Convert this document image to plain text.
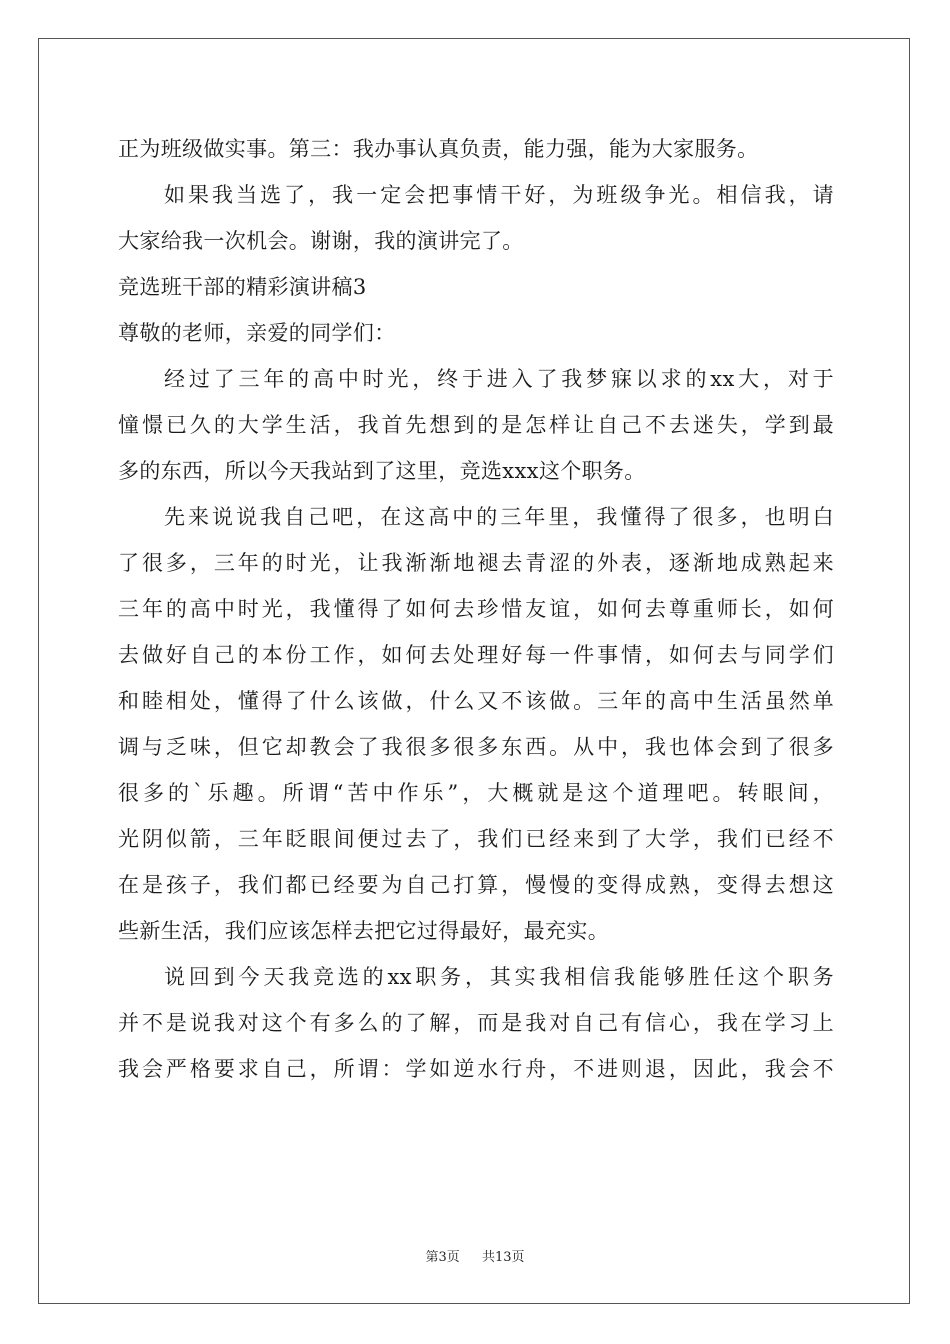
正为班级做实事。第三：我办事认真负责，能力强，能为大家服务。
如果我当选了，我一定会把事情干好，为班级争光。相信我，请
大家给我一次机会。谢谢，我的演讲完了。
竞选班干部的精彩演讲稿3
尊敬的老师，亲爱的同学们：
经过了三年的高中时光，终于进入了我梦寐以求的xx大，对于
憧憬已久的大学生活，我首先想到的是怎样让自己不去迷失，学到最
多的东西，所以今天我站到了这里，竞选xxx这个职务。
先来说说我自己吧，在这高中的三年里，我懂得了很多，也明白
了很多，三年的时光，让我渐渐地褪去青涩的外表，逐渐地成熟起来
三年的高中时光，我懂得了如何去珍惜友谊，如何去尊重师长，如何
去做好自己的本份工作，如何去处理好每一件事情，如何去与同学们
和睦相处，懂得了什么该做，什么又不该做。三年的高中生活虽然单
调与乏味，但它却教会了我很多很多东西。从中，我也体会到了很多
很多的`乐趣。所谓“苦中作乐”，大概就是这个道理吧。转眼间，
光阴似箭，三年眨眼间便过去了，我们已经来到了大学，我们已经不
在是孩子，我们都已经要为自己打算，慢慢的变得成熟，变得去想这
些新生活，我们应该怎样去把它过得最好，最充实。
说回到今天我竞选的xx职务，其实我相信我能够胜任这个职务
并不是说我对这个有多么的了解，而是我对自己有信心，我在学习上
我会严格要求自己，所谓：学如逆水行舟，不进则退，因此，我会不
第3页 共13页
